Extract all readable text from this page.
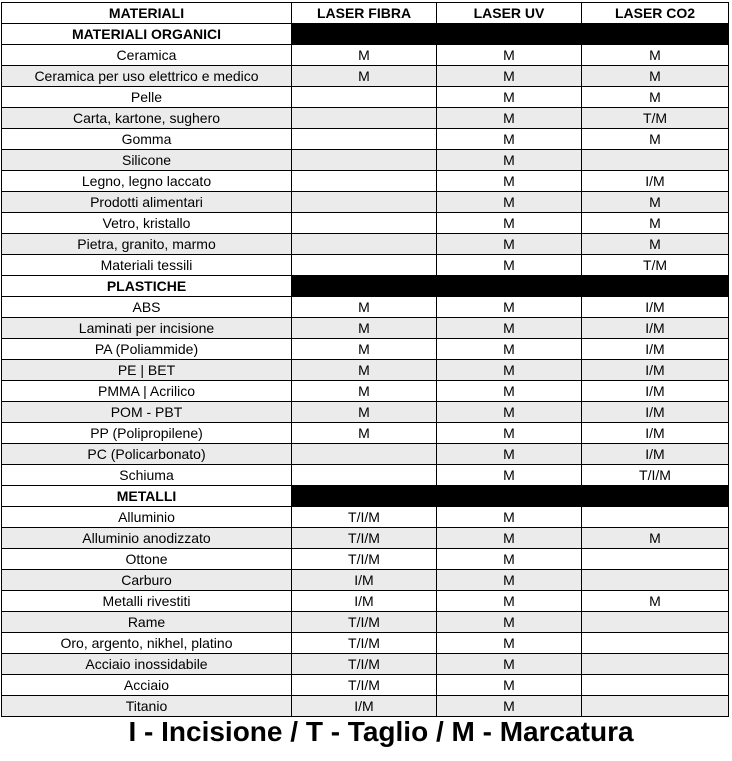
MATERIALI	LASER FIBRA	LASER UV	LASER CO2
MATERIALI ORGANICI			
Ceramica	M	M	M
Ceramica per uso elettrico e medico	M	M	M
Pelle		M	M
Carta, kartone, sughero		M	T/M
Gomma		M	M
Silicone		M	
Legno, legno laccato		M	I/M
Prodotti alimentari		M	M
Vetro, kristallo		M	M
Pietra, granito, marmo		M	M
Materiali tessili		M	T/M
PLASTICHE			
ABS	M	M	I/M
Laminati per incisione	M	M	I/M
PA (Poliammide)	M	M	I/M
PE | BET	M	M	I/M
PMMA | Acrilico	M	M	I/M
POM - PBT	M	M	I/M
PP (Polipropilene)	M	M	I/M
PC (Policarbonato)		M	I/M
Schiuma		M	T/I/M
METALLI			
Alluminio	T/I/M	M	
Alluminio anodizzato	T/I/M	M	M
Ottone	T/I/M	M	
Carburo	I/M	M	
Metalli rivestiti	I/M	M	M
Rame	T/I/M	M	
Oro, argento, nikhel, platino	T/I/M	M	
Acciaio inossidabile	T/I/M	M	
Acciaio	T/I/M	M	
Titanio	I/M	M	
I - Incisione / T - Taglio / M - Marcatura
